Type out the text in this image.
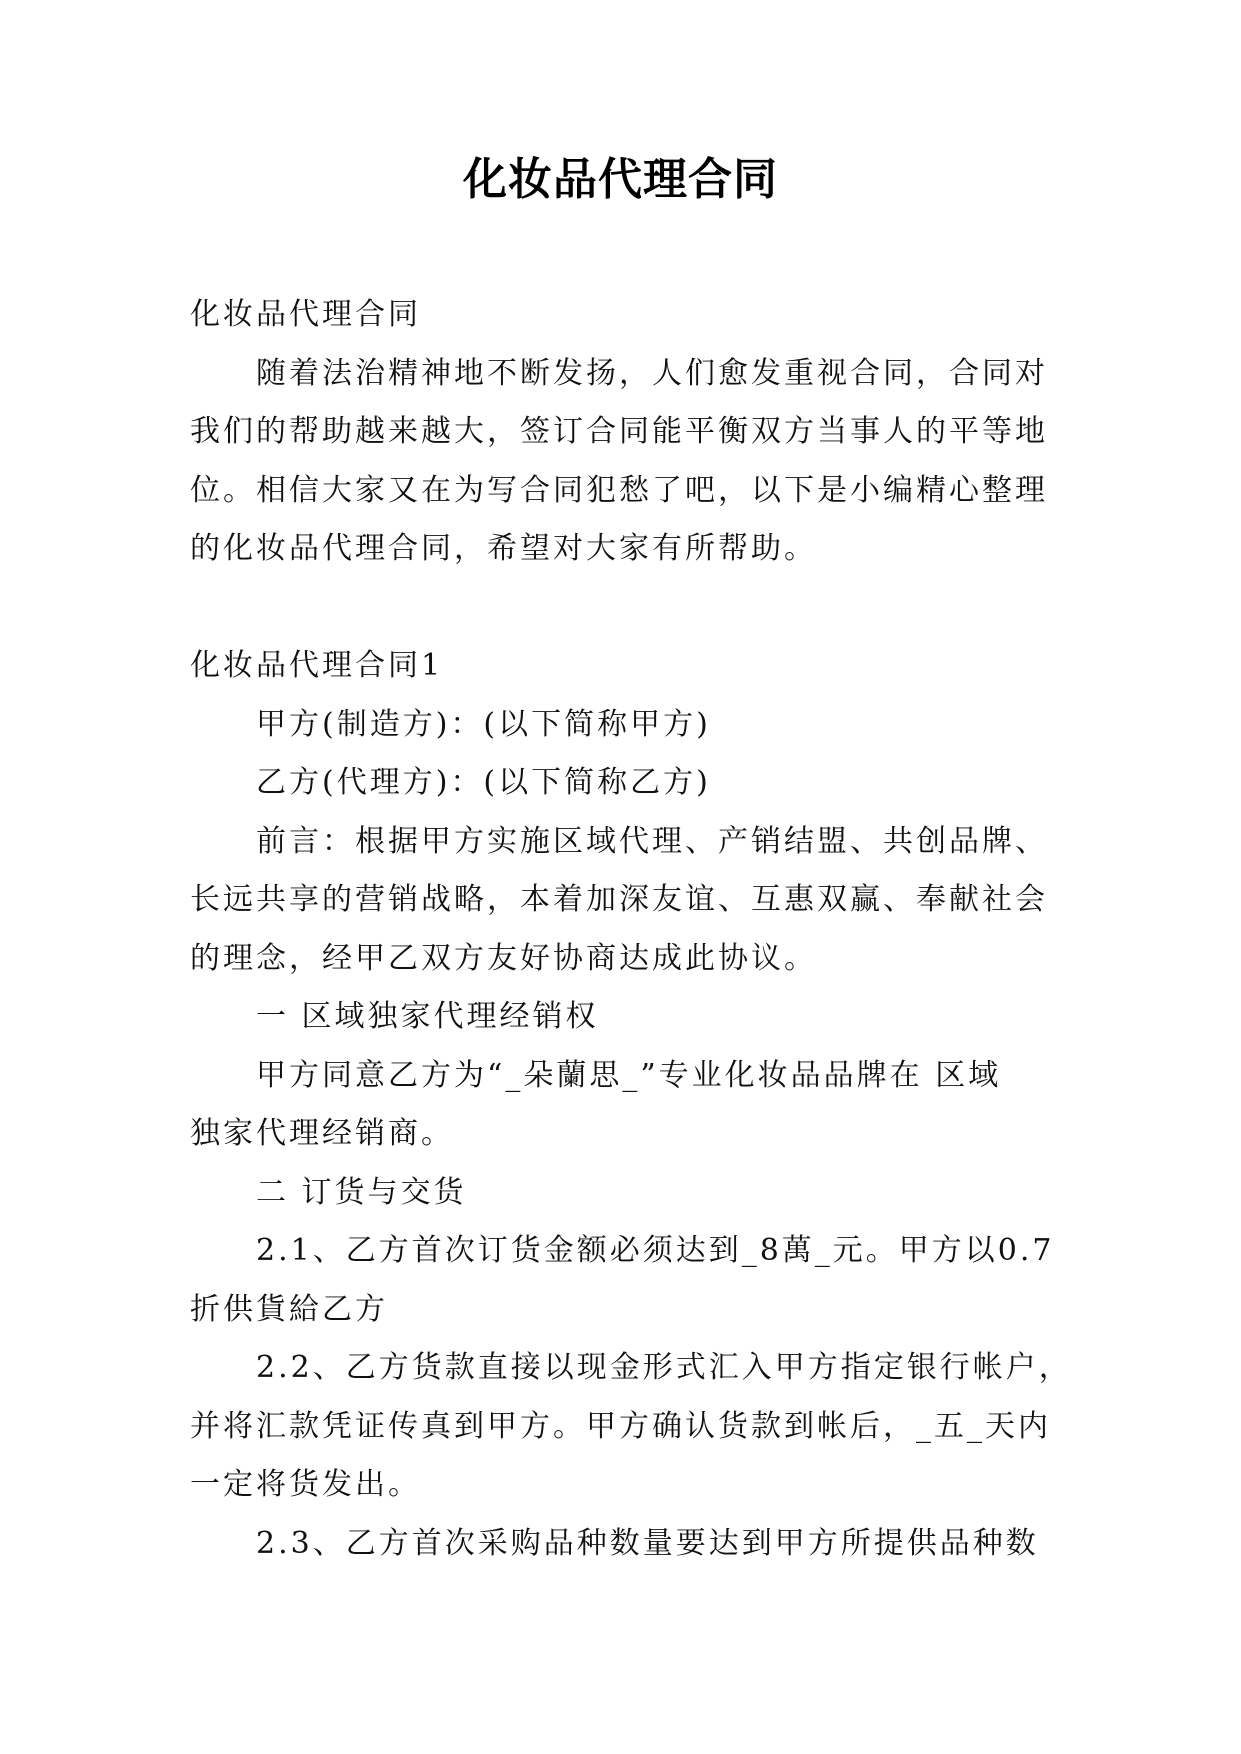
化妆品代理合同

化妆品代理合同

随着法治精神地不断发扬，人们愈发重视合同，合同对

我们的帮助越来越大，签订合同能平衡双方当事人的平等地

位。相信大家又在为写合同犯愁了吧，以下是小编精心整理

的化妆品代理合同，希望对大家有所帮助。

化妆品代理合同1

甲方(制造方)：(以下简称甲方)

乙方(代理方)：(以下简称乙方)

前言：根据甲方实施区域代理、产销结盟、共创品牌、

长远共享的营销战略，本着加深友谊、互惠双赢、奉献社会

的理念，经甲乙双方友好协商达成此协议。

一 区域独家代理经销权

甲方同意乙方为“_朵蘭思_”专业化妆品品牌在 区域

独家代理经销商。

二 订货与交货

2.1、乙方首次订货金额必须达到_8萬_元。甲方以0.7

折供貨給乙方

2.2、乙方货款直接以现金形式汇入甲方指定银行帐户，

并将汇款凭证传真到甲方。甲方确认货款到帐后，_五_天内

一定将货发出。

2.3、乙方首次采购品种数量要达到甲方所提供品种数
